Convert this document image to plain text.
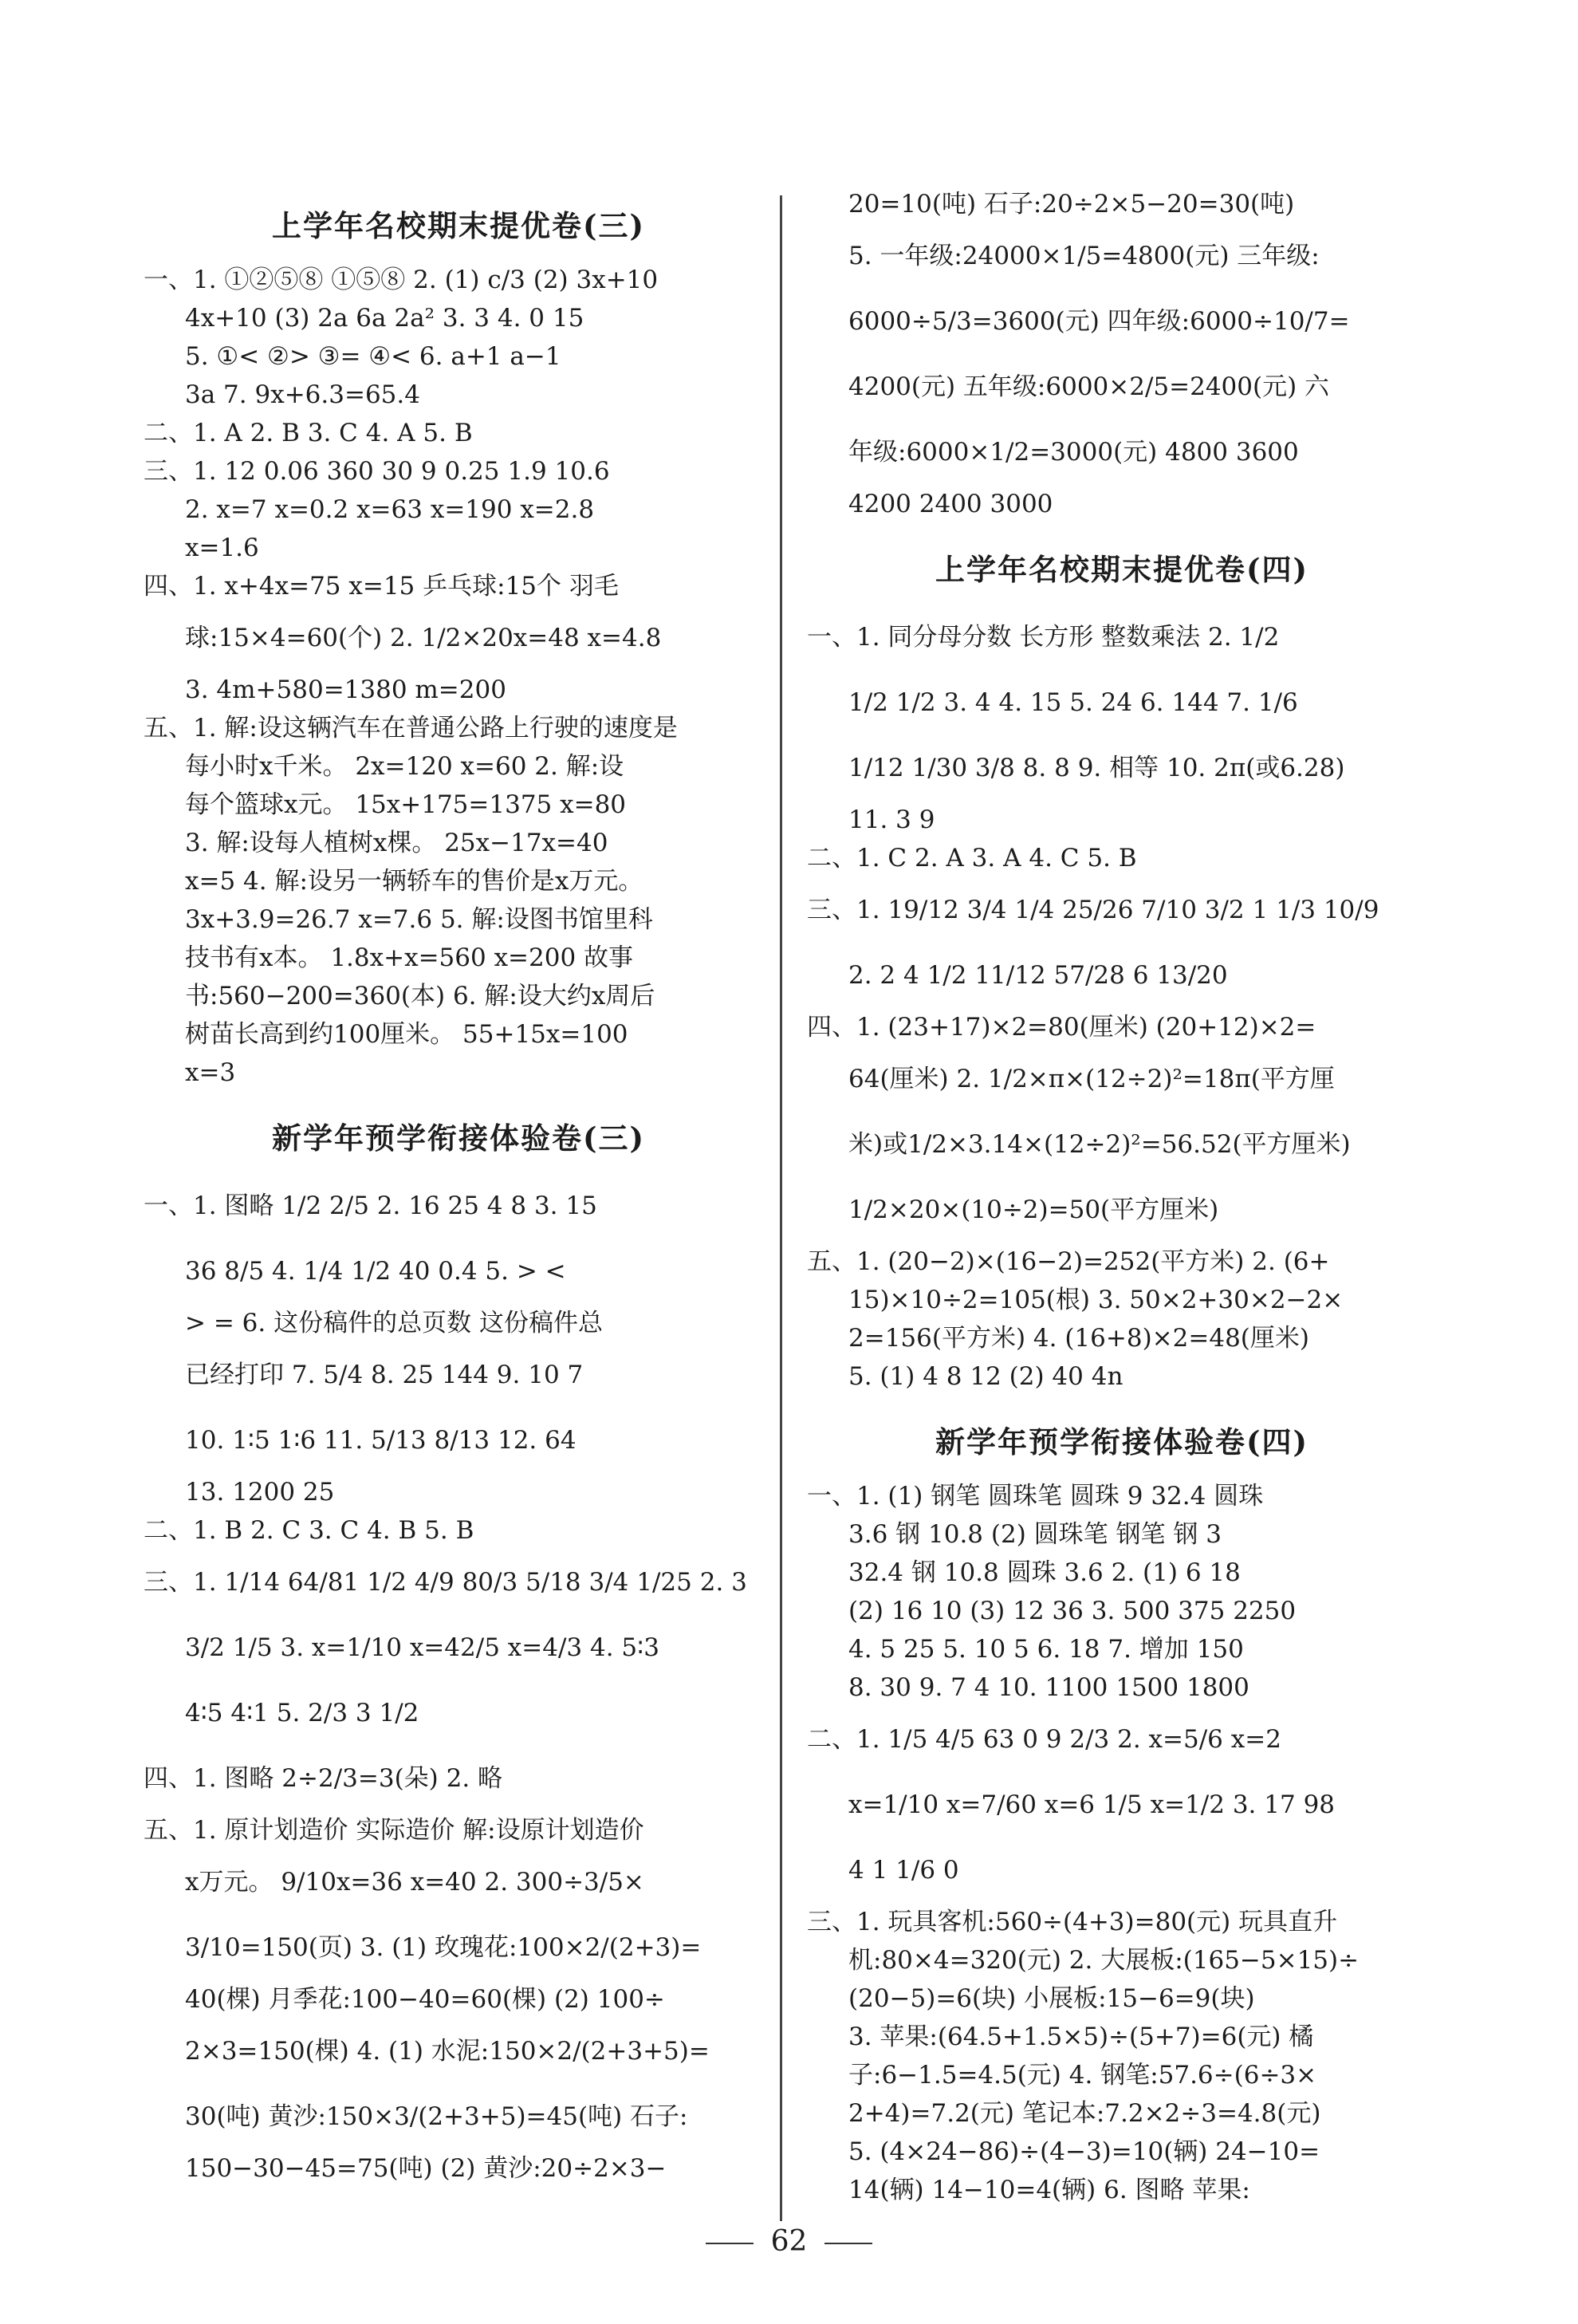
上学年名校期末提优卷(三)
一、1. ①②⑤⑧ ①⑤⑧ 2. (1) c/3 (2) 3x+10
4x+10 (3) 2a 6a 2a² 3. 3 4. 0 15
5. ①< ②> ③= ④< 6. a+1 a−1
3a 7. 9x+6.3=65.4
二、1. A 2. B 3. C 4. A 5. B
三、1. 12 0.06 360 30 9 0.25 1.9 10.6
2. x=7 x=0.2 x=63 x=190 x=2.8
x=1.6
四、1. x+4x=75 x=15 乒乓球:15个 羽毛
球:15×4=60(个) 2. 1/2×20x=48 x=4.8
3. 4m+580=1380 m=200
五、1. 解:设这辆汽车在普通公路上行驶的速度是
每小时x千米。 2x=120 x=60 2. 解:设
每个篮球x元。 15x+175=1375 x=80
3. 解:设每人植树x棵。 25x−17x=40
x=5 4. 解:设另一辆轿车的售价是x万元。
3x+3.9=26.7 x=7.6 5. 解:设图书馆里科
技书有x本。 1.8x+x=560 x=200 故事
书:560−200=360(本) 6. 解:设大约x周后
树苗长高到约100厘米。 55+15x=100
x=3
新学年预学衔接体验卷(三)
一、1. 图略 1/2 2/5 2. 16 25 4 8 3. 15
36 8/5 4. 1/4 1/2 40 0.4 5. > <
> = 6. 这份稿件的总页数 这份稿件总
已经打印 7. 5/4 8. 25 144 9. 10 7
10. 1∶5 1∶6 11. 5/13 8/13 12. 64
13. 1200 25
二、1. B 2. C 3. C 4. B 5. B
三、1. 1/14 64/81 1/2 4/9 80/3 5/18 3/4 1/25 2. 3
3/2 1/5 3. x=1/10 x=42/5 x=4/3 4. 5∶3
4∶5 4∶1 5. 2/3 3 1/2
四、1. 图略 2÷2/3=3(朵) 2. 略
五、1. 原计划造价 实际造价 解:设原计划造价
x万元。 9/10x=36 x=40 2. 300÷3/5×
3/10=150(页) 3. (1) 玫瑰花:100×2/(2+3)=
40(棵) 月季花:100−40=60(棵) (2) 100÷
2×3=150(棵) 4. (1) 水泥:150×2/(2+3+5)=
30(吨) 黄沙:150×3/(2+3+5)=45(吨) 石子:
150−30−45=75(吨) (2) 黄沙:20÷2×3−
20=10(吨) 石子:20÷2×5−20=30(吨)
5. 一年级:24000×1/5=4800(元) 三年级:
6000÷5/3=3600(元) 四年级:6000÷10/7=
4200(元) 五年级:6000×2/5=2400(元) 六
年级:6000×1/2=3000(元) 4800 3600
4200 2400 3000
上学年名校期末提优卷(四)
一、1. 同分母分数 长方形 整数乘法 2. 1/2
1/2 1/2 3. 4 4. 15 5. 24 6. 144 7. 1/6
1/12 1/30 3/8 8. 8 9. 相等 10. 2π(或6.28)
11. 3 9
二、1. C 2. A 3. A 4. C 5. B
三、1. 19/12 3/4 1/4 25/26 7/10 3/2 1 1/3 10/9
2. 2 4 1/2 11/12 57/28 6 13/20
四、1. (23+17)×2=80(厘米) (20+12)×2=
64(厘米) 2. 1/2×π×(12÷2)²=18π(平方厘
米)或1/2×3.14×(12÷2)²=56.52(平方厘米)
1/2×20×(10÷2)=50(平方厘米)
五、1. (20−2)×(16−2)=252(平方米) 2. (6+
15)×10÷2=105(根) 3. 50×2+30×2−2×
2=156(平方米) 4. (16+8)×2=48(厘米)
5. (1) 4 8 12 (2) 40 4n
新学年预学衔接体验卷(四)
一、1. (1) 钢笔 圆珠笔 圆珠 9 32.4 圆珠
3.6 钢 10.8 (2) 圆珠笔 钢笔 钢 3
32.4 钢 10.8 圆珠 3.6 2. (1) 6 18
(2) 16 10 (3) 12 36 3. 500 375 2250
4. 5 25 5. 10 5 6. 18 7. 增加 150
8. 30 9. 7 4 10. 1100 1500 1800
二、1. 1/5 4/5 63 0 9 2/3 2. x=5/6 x=2
x=1/10 x=7/60 x=6 1/5 x=1/2 3. 17 98
4 1 1/6 0
三、1. 玩具客机:560÷(4+3)=80(元) 玩具直升
机:80×4=320(元) 2. 大展板:(165−5×15)÷
(20−5)=6(块) 小展板:15−6=9(块)
3. 苹果:(64.5+1.5×5)÷(5+7)=6(元) 橘
子:6−1.5=4.5(元) 4. 钢笔:57.6÷(6÷3×
2+4)=7.2(元) 笔记本:7.2×2÷3=4.8(元)
5. (4×24−86)÷(4−3)=10(辆) 24−10=
14(辆) 14−10=4(辆) 6. 图略 苹果:
62
